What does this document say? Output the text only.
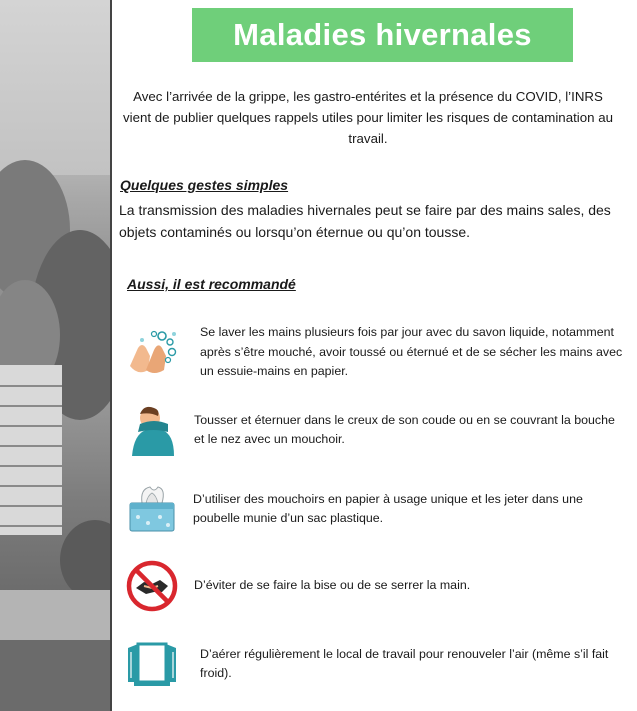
Maladies hivernales
Avec l’arrivée de la grippe, les gastro-entérites et la présence du COVID, l’INRS vient de publier quelques rappels utiles pour limiter les risques de contamination au travail.
Quelques gestes simples
La transmission des maladies hivernales peut se faire par des mains sales, des objets contaminés ou lorsqu’on éternue ou qu’on tousse.
Aussi, il est recommandé
Se laver les mains plusieurs fois par jour avec du savon liquide, notamment après s’être mouché, avoir toussé ou éternué et de se sécher les mains avec un essuie-mains en papier.
Tousser et éternuer dans le creux de son coude ou en se couvrant la bouche et le nez avec un mouchoir.
D’utiliser des mouchoirs en papier à usage unique et les jeter dans une poubelle munie d’un sac plastique.
D’éviter de se faire la bise ou de se serrer la main.
D’aérer régulièrement le local de travail pour renouveler l’air (même s’il fait froid).
